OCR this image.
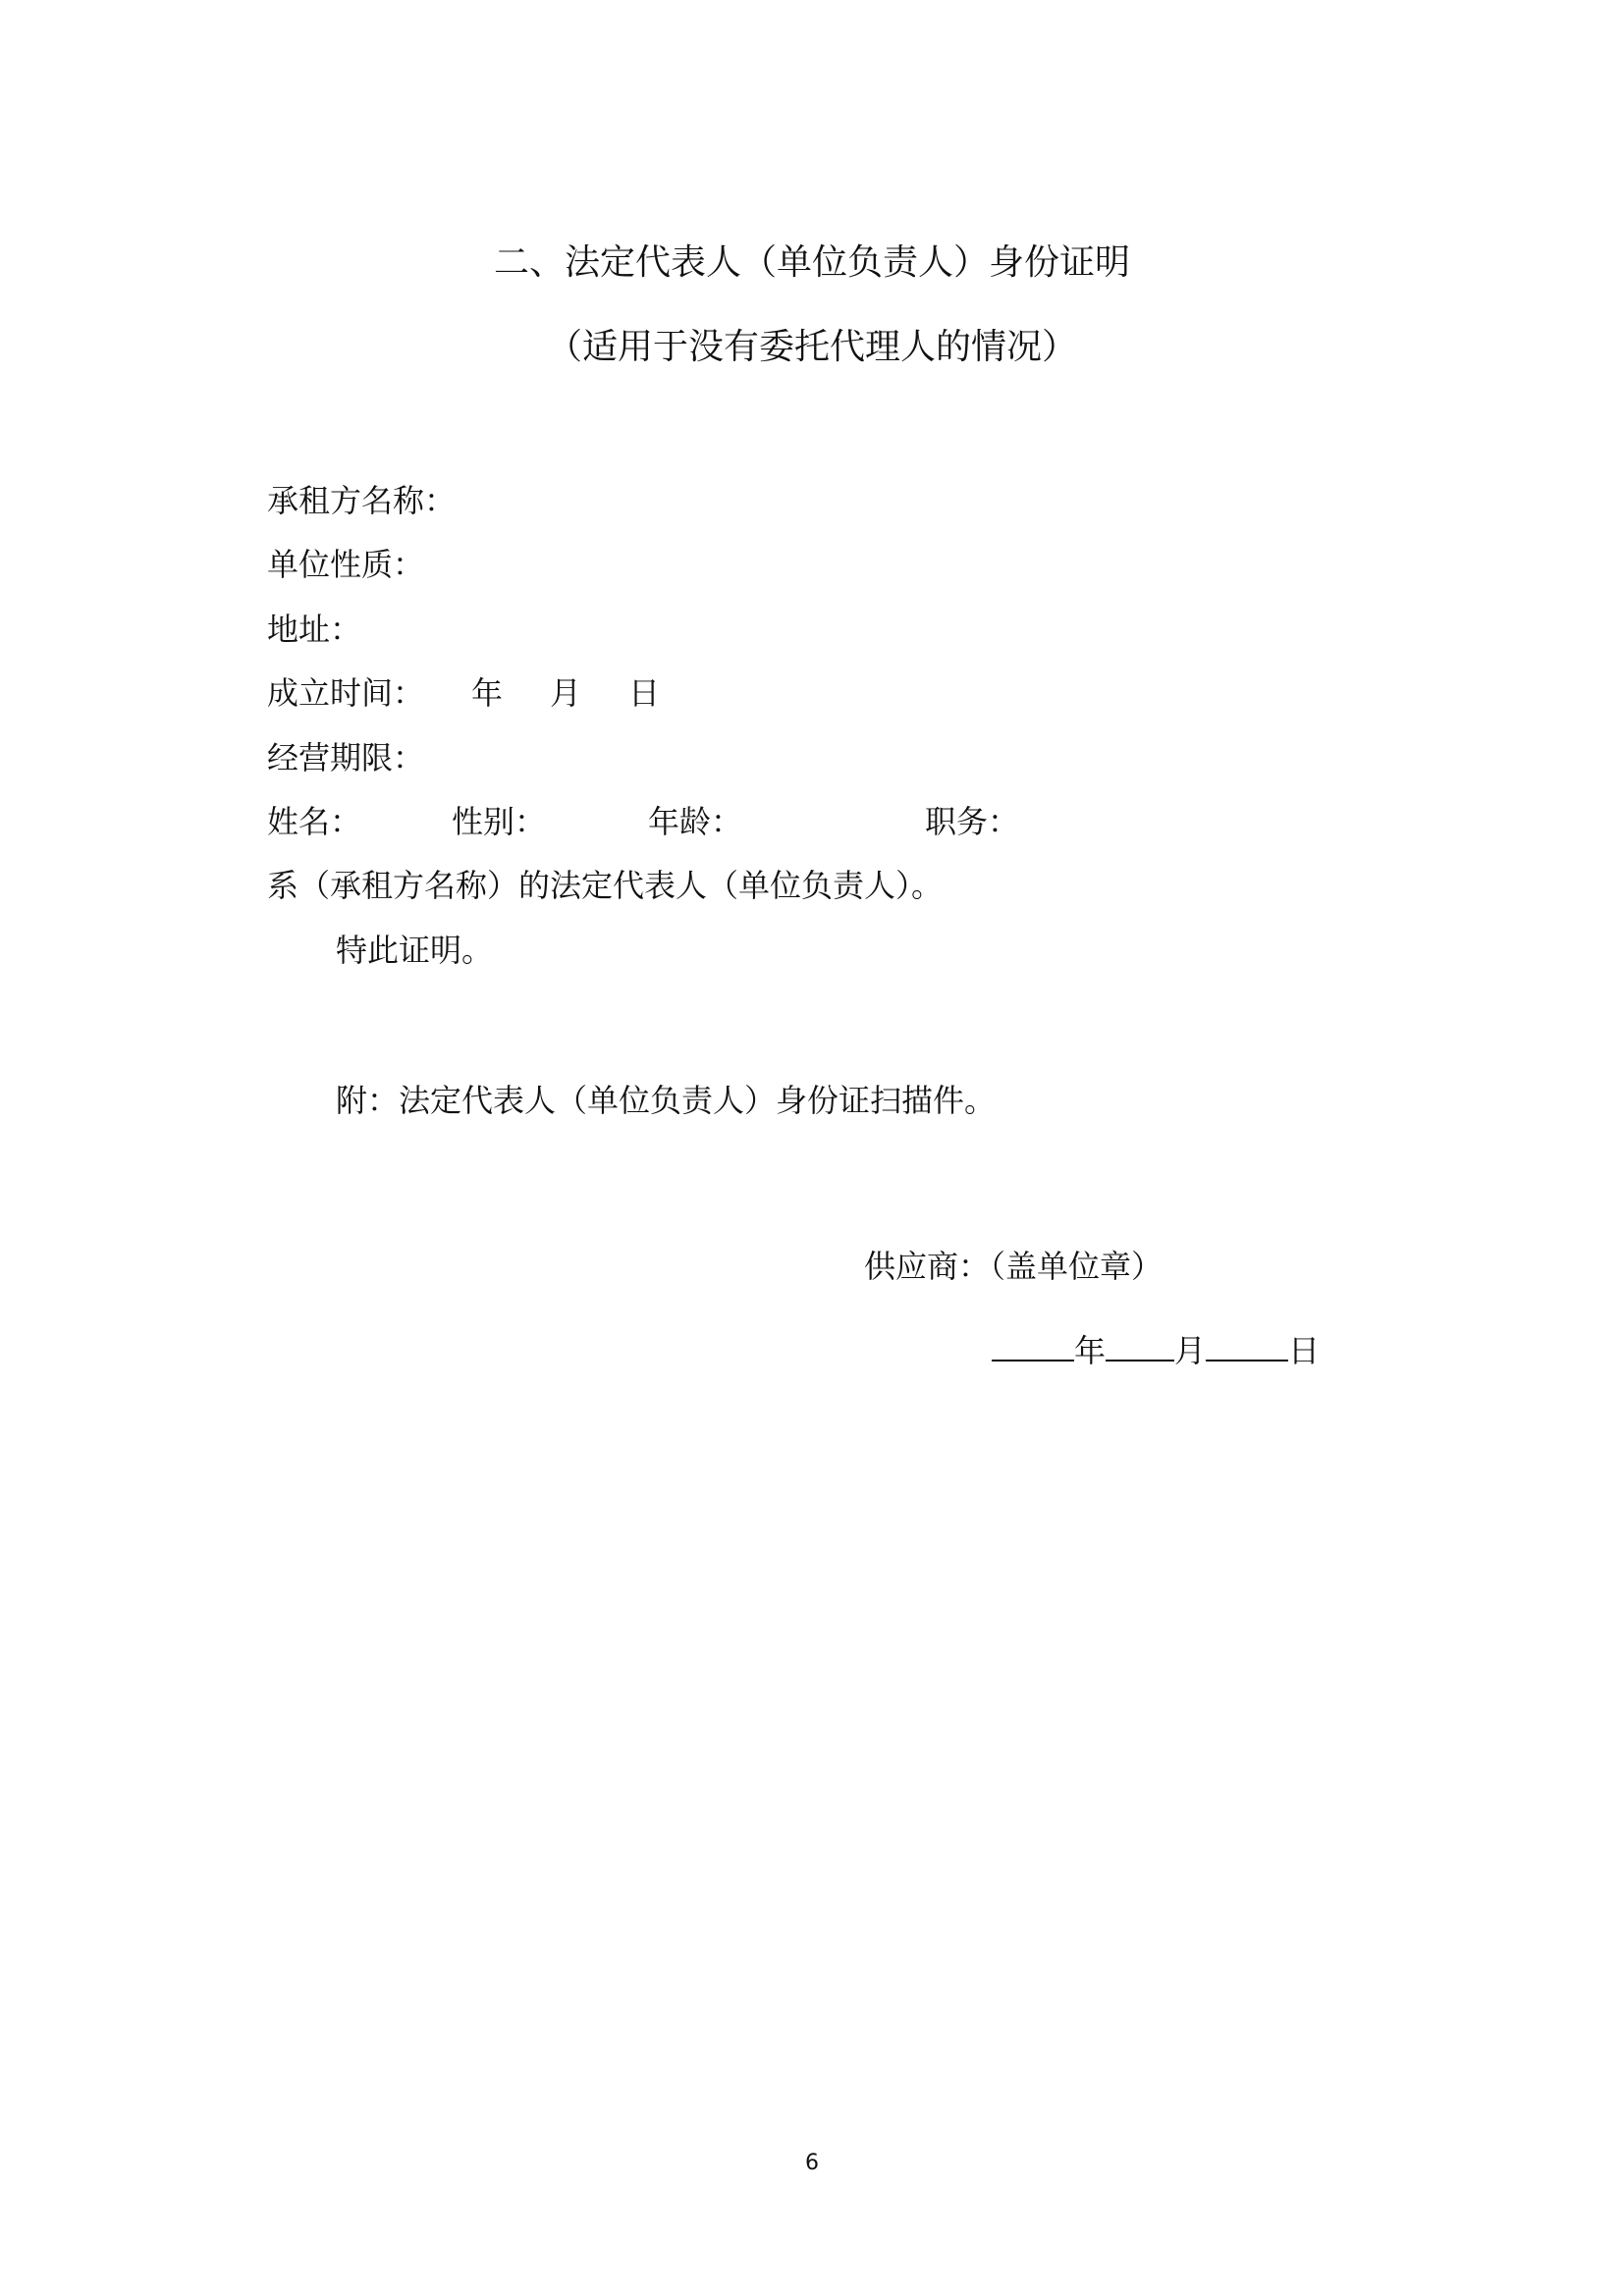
二、法定代表人（单位负责人）身份证明
（适用于没有委托代理人的情况）
承租方名称：
单位性质：
地址：
成立时间： 年 月 日
经营期限：
姓名：	性别：	年龄：	职务：
系（承租方名称）的法定代表人（单位负责人）。
特此证明。
附：法定代表人（单位负责人）身份证扫描件。
供应商：（盖单位章）
年 月	日
6
